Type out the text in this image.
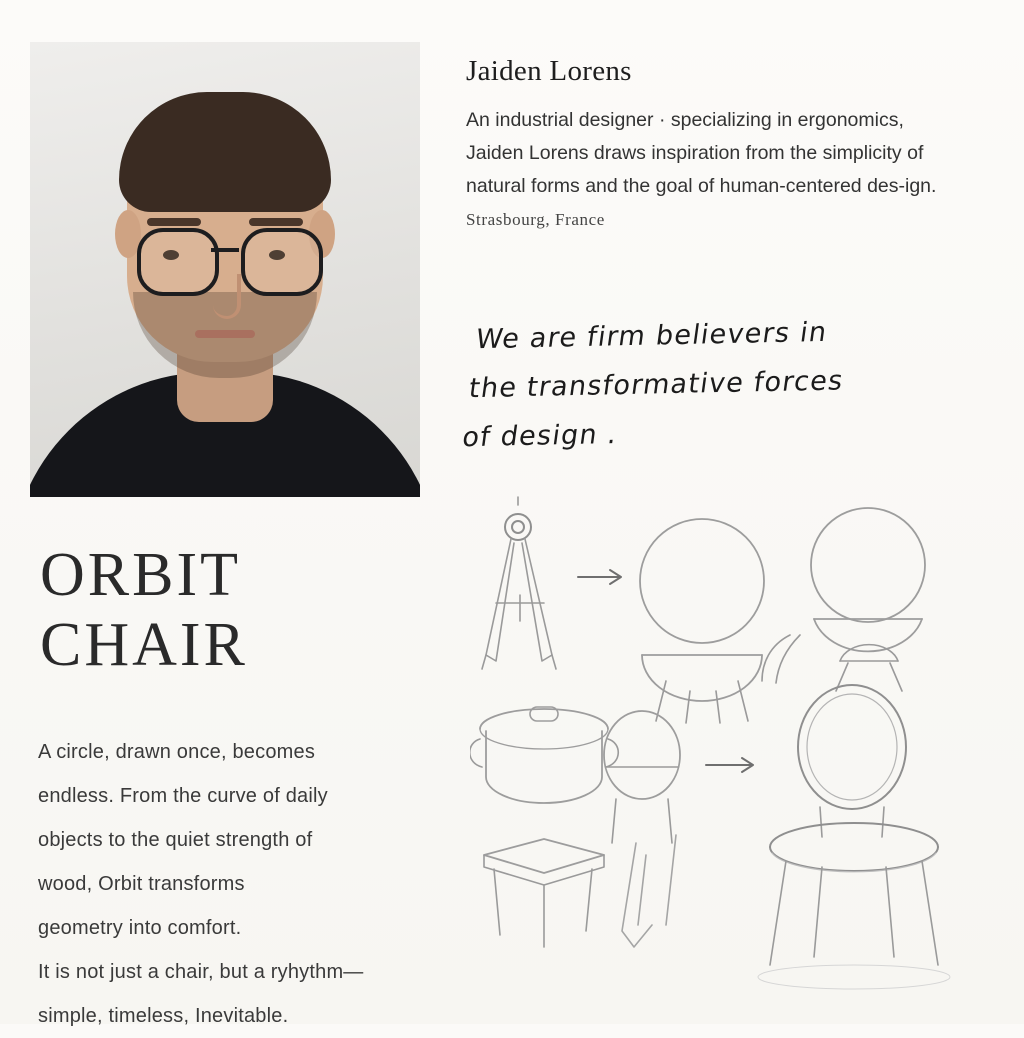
Jaiden Lorens
An industrial designer · specializing in ergonomics, Jaiden Lorens draws inspiration from the simplicity of natural forms and the goal of human-centered des-ign. Strasbourg, France
We are firm believers in
the transformative forces
of design .
ORBIT
CHAIR
A circle, drawn once, becomes
endless. From the curve of daily
objects to the quiet strength of
wood, Orbit transforms
geometry into comfort.
It is not just a chair, but a ryhythm—
simple, timeless, Inevitable.
